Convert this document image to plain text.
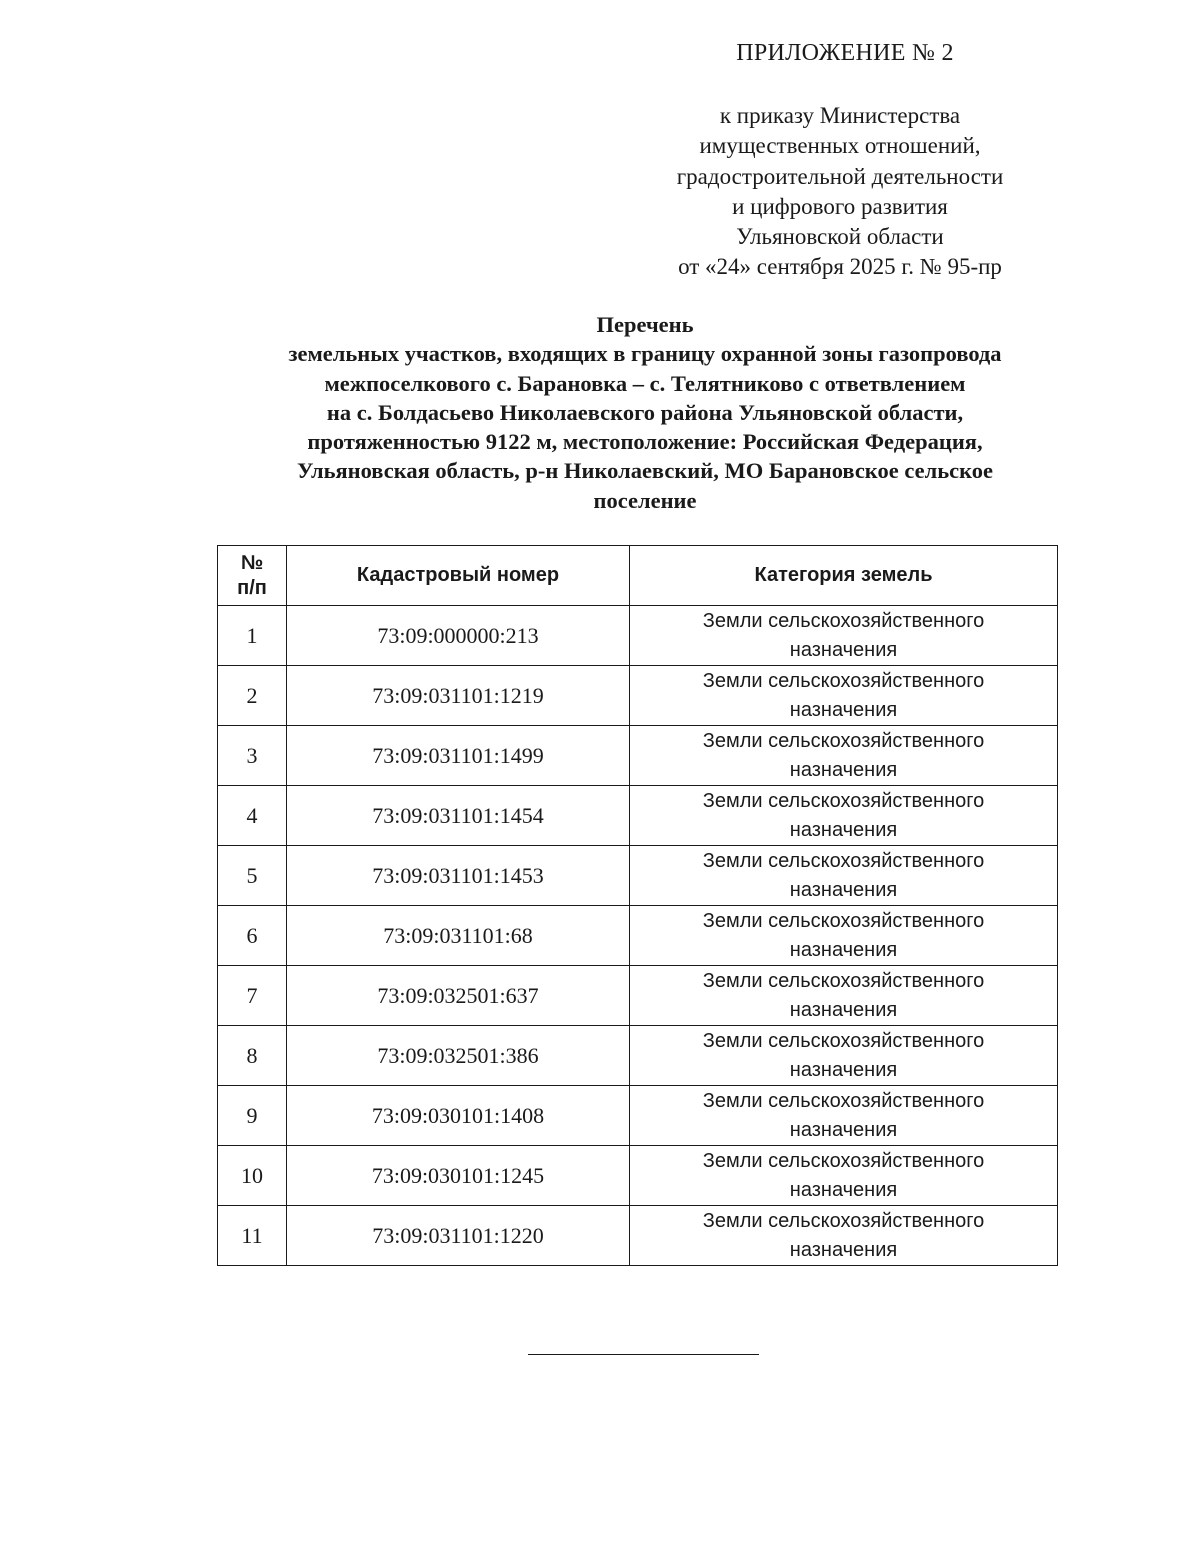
ПРИЛОЖЕНИЕ № 2
к приказу Министерства
имущественных отношений,
градостроительной деятельности
и цифрового развития
Ульяновской области
от «24» сентября 2025 г. № 95-пр
Перечень
земельных участков, входящих в границу охранной зоны газопровода
межпоселкового с. Барановка – с. Телятниково с ответвлением
на с. Болдасьево Николаевского района Ульяновской области,
протяженностью 9122 м, местоположение: Российская Федерация,
Ульяновская область, р-н Николаевский, МО Барановское сельское
поселение
№
п/п	Кадастровый номер	Категория земель
1	73:09:000000:213	Земли сельскохозяйственного
назначения

2	73:09:031101:1219	Земли сельскохозяйственного
назначения

3	73:09:031101:1499	Земли сельскохозяйственного
назначения

4	73:09:031101:1454	Земли сельскохозяйственного
назначения

5	73:09:031101:1453	Земли сельскохозяйственного
назначения

6	73:09:031101:68	Земли сельскохозяйственного
назначения

7	73:09:032501:637	Земли сельскохозяйственного
назначения

8	73:09:032501:386	Земли сельскохозяйственного
назначения

9	73:09:030101:1408	Земли сельскохозяйственного
назначения

10	73:09:030101:1245	Земли сельскохозяйственного
назначения

11	73:09:031101:1220	Земли сельскохозяйственного
назначения
